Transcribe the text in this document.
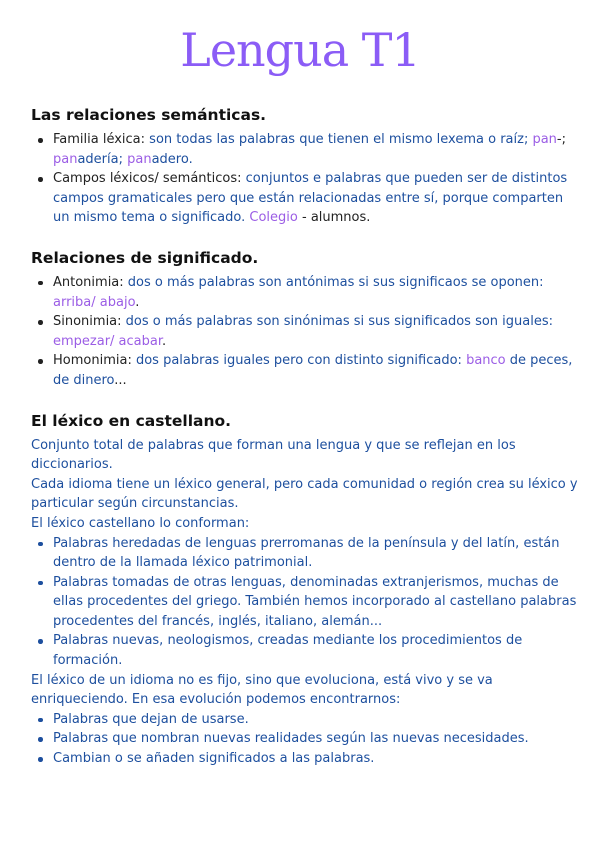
Lengua T1
Las relaciones semánticas.
Familia léxica: son todas las palabras que tienen el mismo lexema o raíz; pan-; panadería; panadero.
Campos léxicos/ semánticos: conjuntos e palabras que pueden ser de distintos campos gramaticales pero que están relacionadas entre sí, porque comparten un mismo tema o significado. Colegio - alumnos.
Relaciones de significado.
Antonimia: dos o más palabras son antónimas si sus significaos se oponen: arriba/ abajo.
Sinonimia: dos o más palabras son sinónimas si sus significados son iguales: empezar/ acabar.
Homonimia: dos palabras iguales pero con distinto significado: banco de peces, de dinero...
El léxico en castellano.

Conjunto total de palabras que forman una lengua y que se reflejan en los diccionarios.

Cada idioma tiene un léxico general, pero cada comunidad o región crea su léxico y particular según circunstancias.

El léxico castellano lo conforman:

Palabras heredadas de lenguas prerromanas de la península y del latín, están dentro de la llamada léxico patrimonial.
Palabras tomadas de otras lenguas, denominadas extranjerismos, muchas de ellas procedentes del griego. También hemos incorporado al castellano palabras procedentes del francés, inglés, italiano, alemán...
Palabras nuevas, neologismos, creadas mediante los procedimientos de formación.

El léxico de un idioma no es fijo, sino que evoluciona, está vivo y se va enriqueciendo. En esa evolución podemos encontrarnos:

Palabras que dejan de usarse.
Palabras que nombran nuevas realidades según las nuevas necesidades.
Cambian o se añaden significados a las palabras.
